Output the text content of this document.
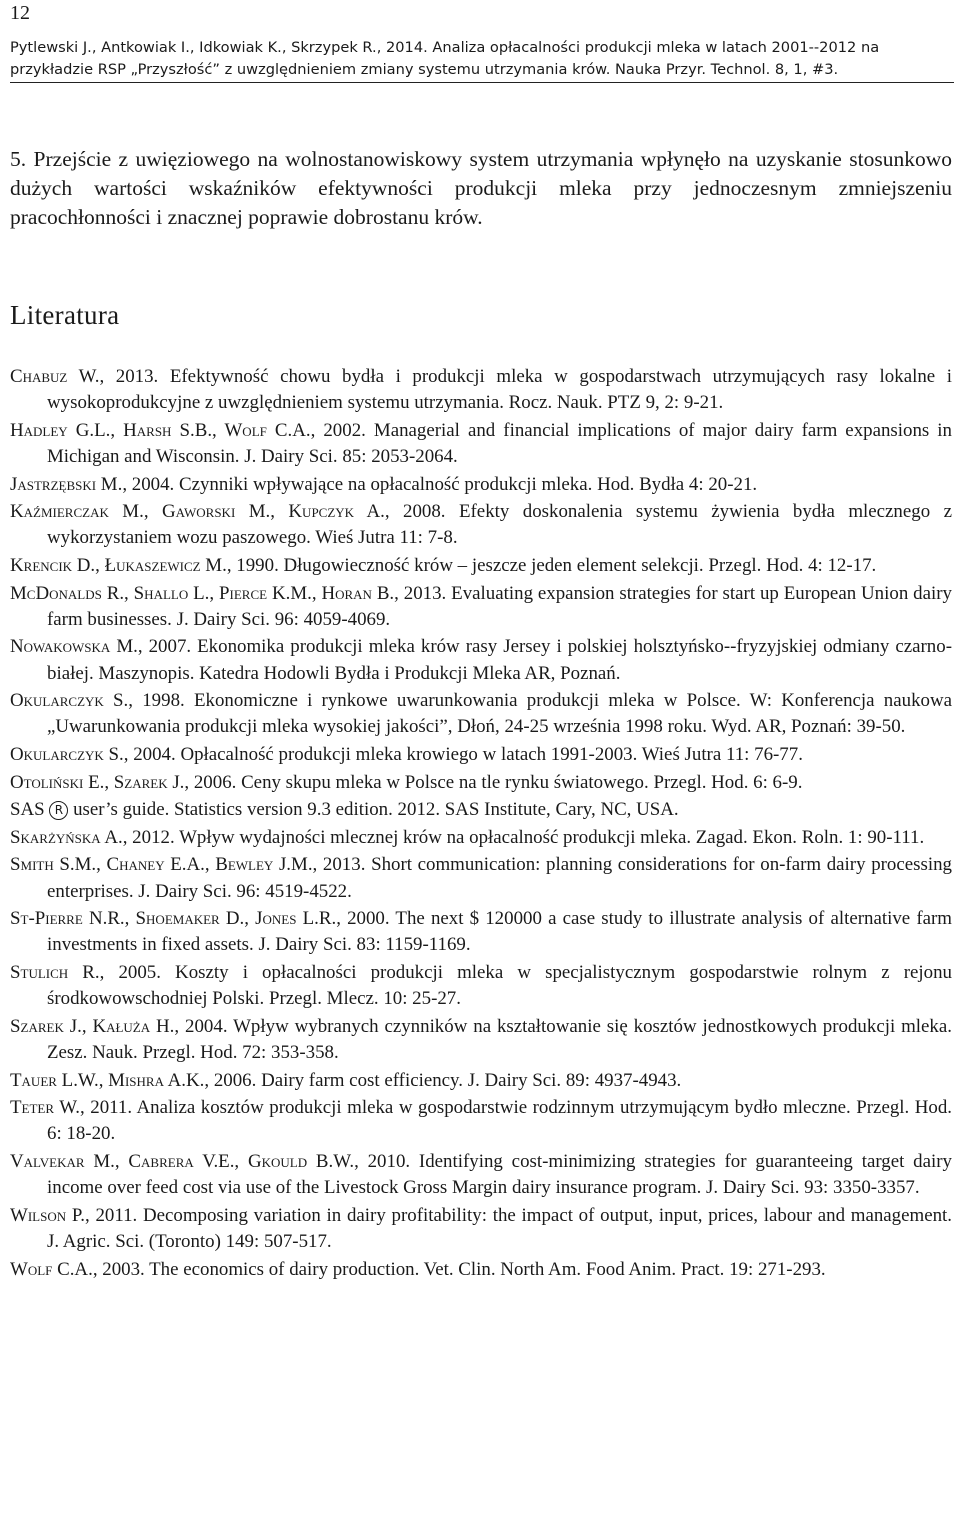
12
Pytlewski J., Antkowiak I., Idkowiak K., Skrzypek R., 2014. Analiza opłacalności produkcji mleka w latach 2001--2012 na przykładzie RSP „Przyszłość” z uwzględnieniem zmiany systemu utrzymania krów. Nauka Przyr. Technol. 8, 1, #3.

5. Przejście z uwięziowego na wolnostanowiskowy system utrzymania wpłynęło na uzyskanie stosunkowo dużych wartości wskaźników efektywności produkcji mleka przy jednoczesnym zmniejszeniu pracochłonności i znacznej poprawie dobrostanu krów.

Literatura
Chabuz W., 2013. Efektywność chowu bydła i produkcji mleka w gospodarstwach utrzymujących rasy lokalne i wysokoprodukcyjne z uwzględnieniem systemu utrzymania. Rocz. Nauk. PTZ 9, 2: 9-21.
Hadley G.L., Harsh S.B., Wolf C.A., 2002. Managerial and financial implications of major dairy farm expansions in Michigan and Wisconsin. J. Dairy Sci. 85: 2053-2064.
Jastrzębski M., 2004. Czynniki wpływające na opłacalność produkcji mleka. Hod. Bydła 4: 20-21.
Kaźmierczak M., Gaworski M., Kupczyk A., 2008. Efekty doskonalenia systemu żywienia bydła mlecznego z wykorzystaniem wozu paszowego. Wieś Jutra 11: 7-8.
Krencik D., Łukaszewicz M., 1990. Długowieczność krów – jeszcze jeden element selekcji. Przegl. Hod. 4: 12-17.
McDonalds R., Shallo L., Pierce K.M., Horan B., 2013. Evaluating expansion strategies for start up European Union dairy farm businesses. J. Dairy Sci. 96: 4059-4069.
Nowakowska M., 2007. Ekonomika produkcji mleka krów rasy Jersey i polskiej holsztyńsko--fryzyjskiej odmiany czarno-białej. Maszynopis. Katedra Hodowli Bydła i Produkcji Mleka AR, Poznań.
Okularczyk S., 1998. Ekonomiczne i rynkowe uwarunkowania produkcji mleka w Polsce. W: Konferencja naukowa „Uwarunkowania produkcji mleka wysokiej jakości”, Dłoń, 24-25 września 1998 roku. Wyd. AR, Poznań: 39-50.
Okularczyk S., 2004. Opłacalność produkcji mleka krowiego w latach 1991-2003. Wieś Jutra 11: 76-77.
Otoliński E., Szarek J., 2006. Ceny skupu mleka w Polsce na tle rynku światowego. Przegl. Hod. 6: 6-9.
SAS R user’s guide. Statistics version 9.3 edition. 2012. SAS Institute, Cary, NC, USA.
Skarżyńska A., 2012. Wpływ wydajności mlecznej krów na opłacalność produkcji mleka. Zagad. Ekon. Roln. 1: 90-111.
Smith S.M., Chaney E.A., Bewley J.M., 2013. Short communication: planning considerations for on-farm dairy processing enterprises. J. Dairy Sci. 96: 4519-4522.
St-Pierre N.R., Shoemaker D., Jones L.R., 2000. The next $ 120000 a case study to illustrate analysis of alternative farm investments in fixed assets. J. Dairy Sci. 83: 1159-1169.
Stulich R., 2005. Koszty i opłacalności produkcji mleka w specjalistycznym gospodarstwie rolnym z rejonu środkowowschodniej Polski. Przegl. Mlecz. 10: 25-27.
Szarek J., Kałuża H., 2004. Wpływ wybranych czynników na kształtowanie się kosztów jednostkowych produkcji mleka. Zesz. Nauk. Przegl. Hod. 72: 353-358.
Tauer L.W., Mishra A.K., 2006. Dairy farm cost efficiency. J. Dairy Sci. 89: 4937-4943.
Teter W., 2011. Analiza kosztów produkcji mleka w gospodarstwie rodzinnym utrzymującym bydło mleczne. Przegl. Hod. 6: 18-20.
Valvekar M., Cabrera V.E., Gkould B.W., 2010. Identifying cost-minimizing strategies for guaranteeing target dairy income over feed cost via use of the Livestock Gross Margin dairy insurance program. J. Dairy Sci. 93: 3350-3357.
Wilson P., 2011. Decomposing variation in dairy profitability: the impact of output, input, prices, labour and management. J. Agric. Sci. (Toronto) 149: 507-517.
Wolf C.A., 2003. The economics of dairy production. Vet. Clin. North Am. Food Anim. Pract. 19: 271-293.
